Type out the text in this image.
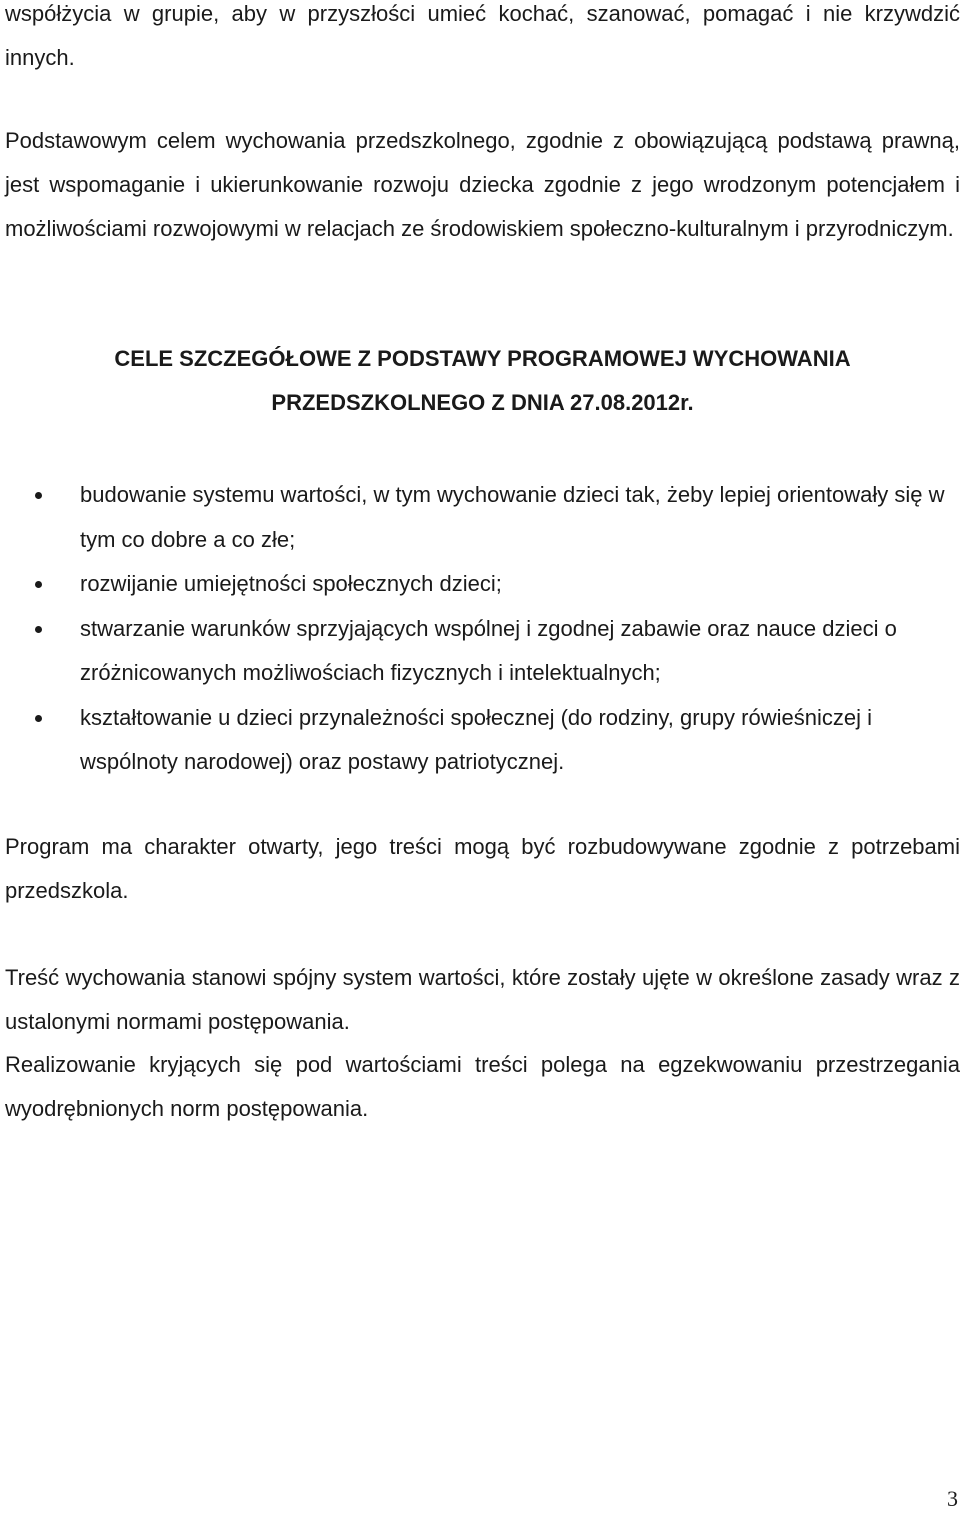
współżycia w grupie, aby w przyszłości umieć kochać, szanować, pomagać i nie krzywdzić innych.

Podstawowym celem wychowania przedszkolnego, zgodnie z obowiązującą podstawą prawną, jest wspomaganie i ukierunkowanie rozwoju dziecka zgodnie z jego wrodzonym potencjałem i możliwościami rozwojowymi w relacjach ze środowiskiem społeczno-kulturalnym i przyrodniczym.

CELE SZCZEGÓŁOWE Z PODSTAWY PROGRAMOWEJ WYCHOWANIA
PRZEDSZKOLNEGO Z DNIA 27.08.2012r.
budowanie systemu wartości, w tym wychowanie dzieci tak, żeby lepiej orientowały się w tym co dobre a co złe;
rozwijanie umiejętności społecznych dzieci;
stwarzanie warunków sprzyjających wspólnej i zgodnej zabawie oraz nauce dzieci o zróżnicowanych możliwościach fizycznych i intelektualnych;
kształtowanie u dzieci przynależności społecznej (do rodziny, grupy rówieśniczej i wspólnoty narodowej) oraz postawy patriotycznej.

Program ma charakter otwarty, jego treści mogą być rozbudowywane zgodnie z potrzebami przedszkola.

Treść wychowania stanowi spójny system wartości, które zostały ujęte w określone zasady wraz z ustalonymi normami postępowania.

Realizowanie kryjących się pod wartościami treści polega na egzekwowaniu przestrzegania wyodrębnionych norm postępowania.

3
